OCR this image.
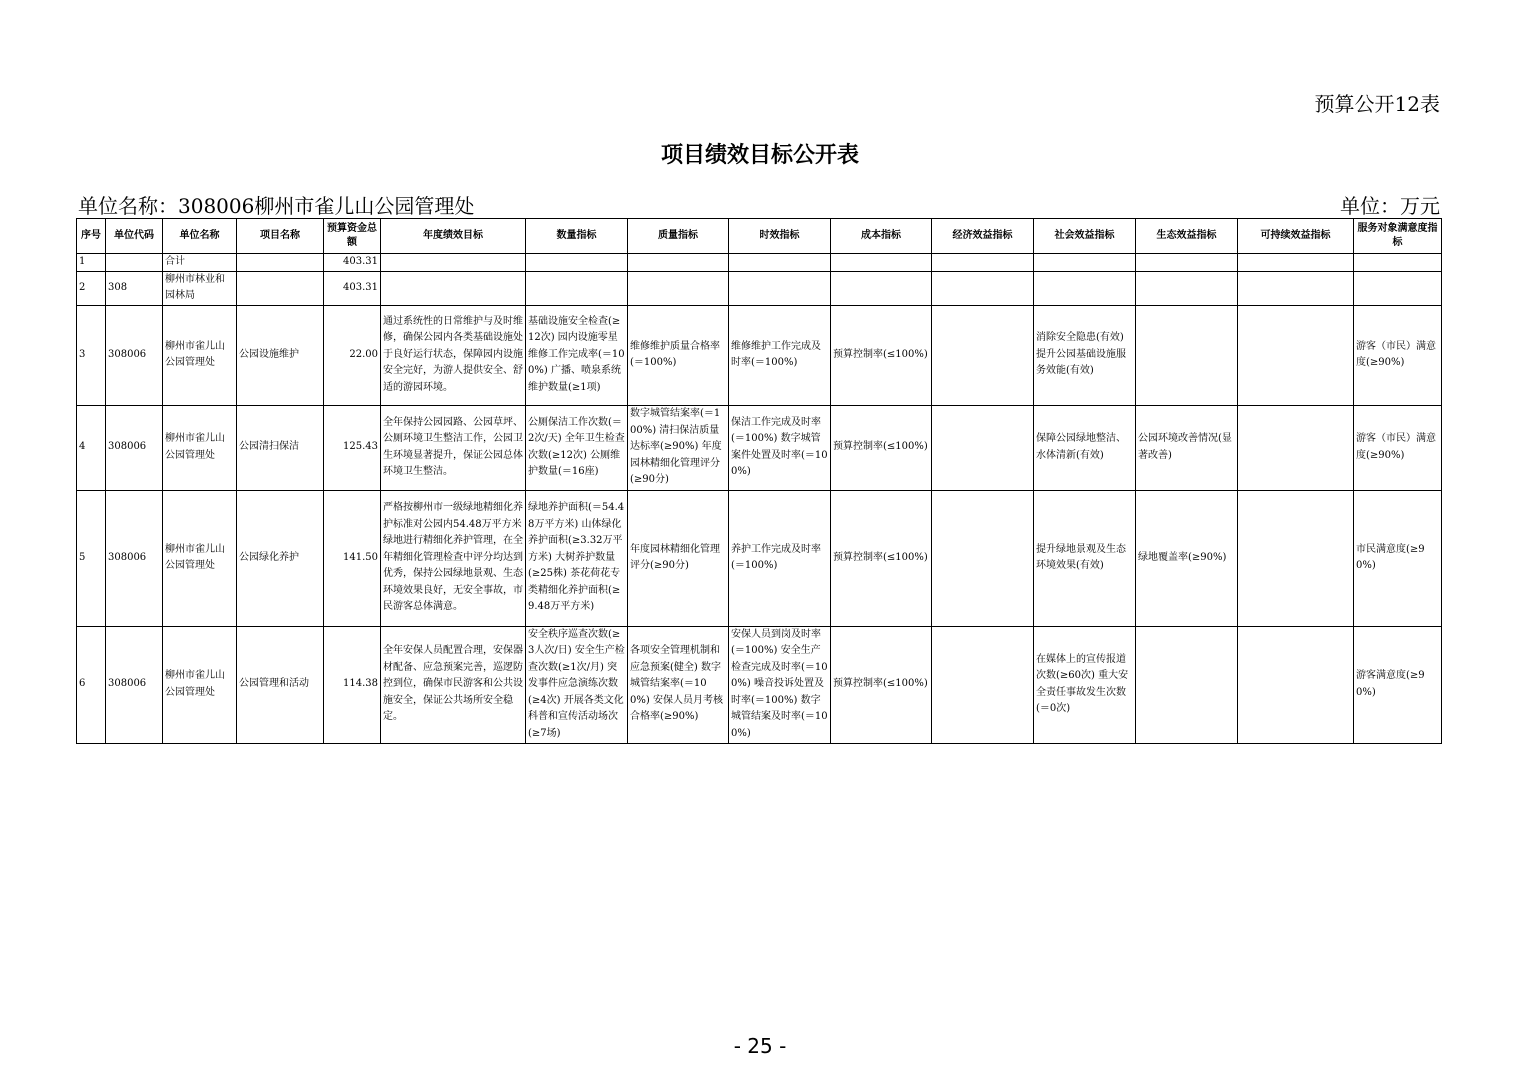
预算公开12表
项目绩效目标公开表
单位名称：308006柳州市雀儿山公园管理处	单位：万元
序号	单位代码	单位名称	项目名称	预算资金总额	年度绩效目标	数量指标	质量指标	时效指标	成本指标	经济效益指标	社会效益指标	生态效益指标	可持续效益指标	服务对象满意度指标
1		合计		403.31										
2	308	柳州市林业和园林局		403.31										
3	308006	柳州市雀儿山公园管理处	公园设施维护	22.00	通过系统性的日常维护与及时维修，确保公园内各类基础设施处于良好运行状态，保障园内设施安全完好，为游人提供安全、舒适的游园环境。	基础设施安全检查(≥12次) 园内设施零星维修工作完成率(＝100%) 广播、喷泉系统维护数量(≥1项)	维修维护质量合格率(＝100%)	维修维护工作完成及时率(＝100%)	预算控制率(≤100%)		消除安全隐患(有效) 提升公园基础设施服务效能(有效)			游客（市民）满意度(≥90%)
4	308006	柳州市雀儿山公园管理处	公园清扫保洁	125.43	全年保持公园园路、公园草坪、公厕环境卫生整洁工作，公园卫生环境显著提升，保证公园总体环境卫生整洁。	公厕保洁工作次数(＝2次/天) 全年卫生检查次数(≥12次) 公厕维护数量(＝16座)	数字城管结案率(＝100%) 清扫保洁质量达标率(≥90%) 年度园林精细化管理评分(≥90分)	保洁工作完成及时率(＝100%) 数字城管案件处置及时率(＝100%)	预算控制率(≤100%)		保障公园绿地整洁、水体清新(有效)	公园环境改善情况(显著改善)		游客（市民）满意度(≥90%)
5	308006	柳州市雀儿山公园管理处	公园绿化养护	141.50	严格按柳州市一级绿地精细化养护标准对公园内54.48万平方米绿地进行精细化养护管理，在全年精细化管理检查中评分均达到优秀，保持公园绿地景观、生态环境效果良好，无安全事故，市民游客总体满意。	绿地养护面积(＝54.48万平方米) 山体绿化养护面积(≥3.32万平方米) 大树养护数量(≥25株) 茶花荷花专类精细化养护面积(≥9.48万平方米)	年度园林精细化管理评分(≥90分)	养护工作完成及时率(＝100%)	预算控制率(≤100%)		提升绿地景观及生态环境效果(有效)	绿地覆盖率(≥90%)		市民满意度(≥90%)
6	308006	柳州市雀儿山公园管理处	公园管理和活动	114.38	全年安保人员配置合理，安保器材配备、应急预案完善，巡逻防控到位，确保市民游客和公共设施安全，保证公共场所安全稳定。	安全秩序巡查次数(≥3人次/日) 安全生产检查次数(≥1次/月) 突发事件应急演练次数(≥4次) 开展各类文化科普和宣传活动场次(≥7场)	各项安全管理机制和应急预案(健全) 数字城管结案率(＝100%) 安保人员月考核合格率(≥90%)	安保人员到岗及时率(＝100%) 安全生产检查完成及时率(＝100%) 噪音投诉处置及时率(＝100%) 数字城管结案及时率(＝100%)	预算控制率(≤100%)		在媒体上的宣传报道次数(≥60次) 重大安全责任事故发生次数(＝0次)			游客满意度(≥90%)
- 25 -
